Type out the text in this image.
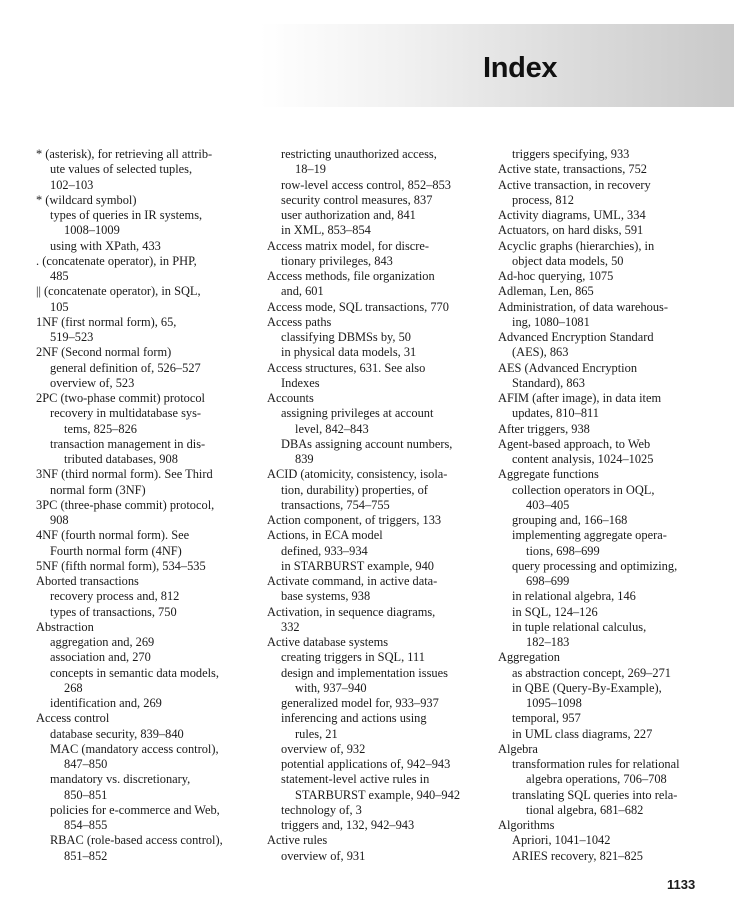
Index

* (asterisk), for retrieving all attrib-
ute values of selected tuples,
102–103

* (wildcard symbol)

types of queries in IR systems,
1008–1009

using with XPath, 433

. (concatenate operator), in PHP,
485

|| (concatenate operator), in SQL,
105

1NF (first normal form), 65,
519–523

2NF (Second normal form)

general definition of, 526–527

overview of, 523

2PC (two-phase commit) protocol

recovery in multidatabase sys-
tems, 825–826

transaction management in dis-
tributed databases, 908

3NF (third normal form). See Third
normal form (3NF)

3PC (three-phase commit) protocol,
908

4NF (fourth normal form). See
Fourth normal form (4NF)

5NF (fifth normal form), 534–535

Aborted transactions

recovery process and, 812

types of transactions, 750

Abstraction

aggregation and, 269

association and, 270

concepts in semantic data models,
268

identification and, 269

Access control

database security, 839–840

MAC (mandatory access control),
847–850

mandatory vs. discretionary,
850–851

policies for e-commerce and Web,
854–855

RBAC (role-based access control),
851–852

restricting unauthorized access,
18–19

row-level access control, 852–853

security control measures, 837

user authorization and, 841

in XML, 853–854

Access matrix model, for discre-
tionary privileges, 843

Access methods, file organization
and, 601

Access mode, SQL transactions, 770

Access paths

classifying DBMSs by, 50

in physical data models, 31

Access structures, 631. See also
Indexes

Accounts

assigning privileges at account
level, 842–843

DBAs assigning account numbers,
839

ACID (atomicity, consistency, isola-
tion, durability) properties, of
transactions, 754–755

Action component, of triggers, 133

Actions, in ECA model

defined, 933–934

in STARBURST example, 940

Activate command, in active data-
base systems, 938

Activation, in sequence diagrams,
332

Active database systems

creating triggers in SQL, 111

design and implementation issues
with, 937–940

generalized model for, 933–937

inferencing and actions using
rules, 21

overview of, 932

potential applications of, 942–943

statement-level active rules in
STARBURST example, 940–942

technology of, 3

triggers and, 132, 942–943

Active rules

overview of, 931

triggers specifying, 933

Active state, transactions, 752

Active transaction, in recovery
process, 812

Activity diagrams, UML, 334

Actuators, on hard disks, 591

Acyclic graphs (hierarchies), in
object data models, 50

Ad-hoc querying, 1075

Adleman, Len, 865

Administration, of data warehous-
ing, 1080–1081

Advanced Encryption Standard
(AES), 863

AES (Advanced Encryption
Standard), 863

AFIM (after image), in data item
updates, 810–811

After triggers, 938

Agent-based approach, to Web
content analysis, 1024–1025

Aggregate functions

collection operators in OQL,
403–405

grouping and, 166–168

implementing aggregate opera-
tions, 698–699

query processing and optimizing,
698–699

in relational algebra, 146

in SQL, 124–126

in tuple relational calculus,
182–183

Aggregation

as abstraction concept, 269–271

in QBE (Query-By-Example),
1095–1098

temporal, 957

in UML class diagrams, 227

Algebra

transformation rules for relational
algebra operations, 706–708

translating SQL queries into rela-
tional algebra, 681–682

Algorithms

Apriori, 1041–1042

ARIES recovery, 821–825

1133
